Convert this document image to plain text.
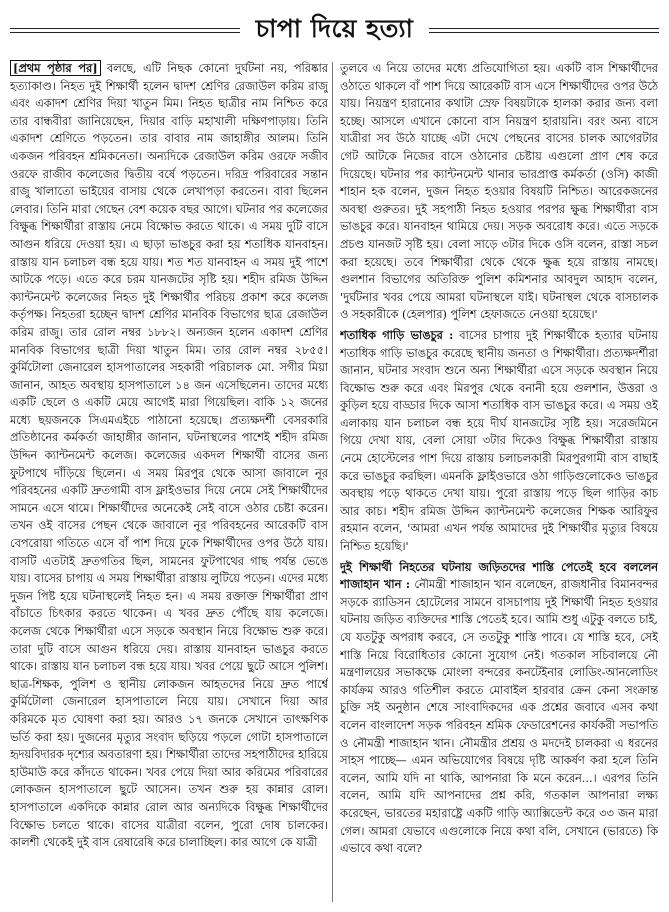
চাপা দিয়ে হত্যা

[প্রথম পৃষ্ঠার পর] বলছে, এটি নিছক কোনো দুর্ঘটনা নয়, পরিষ্কার হত্যাকাণ্ড। নিহত দুই শিক্ষার্থী হলেন দ্বাদশ শ্রেণির রেজাউল করিম রাজু এবং একাদশ শ্রেণির দিয়া খাতুন মিম। নিহত ছাত্রীর নাম নিশ্চিত করে তার বান্ধবীরা জানিয়েছেন, দিয়ার বাড়ি মহাখালী দক্ষিণপাড়ায়। তিনি একাদশ শ্রেণিতে পড়তেন। তার বাবার নাম জাহাঙ্গীর আলম। তিনি একজন পরিবহন শ্রমিকনেতা। অন্যদিকে রেজাউল করিম ওরফে সজীব ওরফে রাজীব কলেজের দ্বিতীয় বর্ষে পড়তেন। দরিদ্র পরিবারের সন্তান রাজু খালাতো ভাইয়ের বাসায় থেকে লেখাপড়া করতেন। বাবা ছিলেন লেবার। তিনি মারা গেছেন বেশ কয়েক বছর আগে। ঘটনার পর কলেজের বিক্ষুব্ধ শিক্ষার্থীরা রাস্তায় নেমে বিক্ষোভ করতে থাকে। এ সময় দুটি বাসে আগুন ধরিয়ে দেওয়া হয়। এ ছাড়া ভাঙচুর করা হয় শতাধিক যানবাহন। রাস্তায় যান চলাচল বন্ধ হয়ে যায়। শত শত যানবাহন এ সময় দুই পাশে আটকে পড়ে। এতে করে চরম যানজটের সৃষ্টি হয়। শহীদ রমিজ উদ্দিন ক্যান্টনমেন্ট কলেজের নিহত দুই শিক্ষার্থীর পরিচয় প্রকাশ করে কলেজ কর্তৃপক্ষ। নিহতরা হচ্ছেন দ্বাদশ শ্রেণির মানবিক বিভাগের ছাত্র রেজাউল করিম রাজু। তার রোল নম্বর ১৮৮২। অন্যজন হলেন একাদশ শ্রেণির মানবিক বিভাগের ছাত্রী দিয়া খাতুন মিম। তার রোল নম্বর ২৮৫৫। কুর্মিটোলা জেনারেল হাসপাতালের সহকারী পরিচালক মো. সগীর মিয়া জানান, আহত অবস্থায় হাসপাতালে ১৪ জন এসেছিলেন। তাদের মধ্যে একটি ছেলে ও একটি মেয়ে আগেই মারা গিয়েছিল। বাকি ১২ জনের মধ্যে ছয়জনকে সিএমএইচে পাঠানো হয়েছে। প্রত্যক্ষদর্শী বেসরকারি প্রতিষ্ঠানের কর্মকর্তা জাহাঙ্গীর জানান, ঘটনাস্থলের পাশেই শহীদ রমিজ উদ্দিন ক্যান্টনমেন্ট কলেজ। কলেজের একদল শিক্ষার্থী বাসের জন্য ফুটপাথে দাঁড়িয়ে ছিলেন। এ সময় মিরপুর থেকে আসা জাবালে নূর পরিবহনের একটি দ্রুতগামী বাস ফ্লাইওভার দিয়ে নেমে সেই শিক্ষার্থীদের সামনে এসে থামে। শিক্ষার্থীদের অনেকেই সেই বাসে ওঠার চেষ্টা করেন। তখন ওই বাসের পেছন থেকে জাবালে নূর পরিবহনের আরেকটি বাস বেপরোয়া গতিতে এসে বাঁ পাশ দিয়ে ঢুকে শিক্ষার্থীদের ওপর উঠে যায়। বাসটি এতটাই দ্রুতগতির ছিল, সামনের ফুটপাথের গাছ পর্যন্ত ভেঙে যায়। বাসের চাপায় এ সময় শিক্ষার্থীরা রাস্তায় লুটিয়ে পড়েন। এদের মধ্যে দুজন পিষ্ট হয়ে ঘটনাস্থলেই নিহত হন। এ সময় রক্তাক্ত শিক্ষার্থীরা প্রাণ বাঁচাতে চিৎকার করতে থাকেন। এ খবর দ্রুত পৌঁছে যায় কলেজে। কলেজ থেকে শিক্ষার্থীরা এসে সড়কে অবস্থান নিয়ে বিক্ষোভ শুরু করে। তারা দুটি বাসে আগুন ধরিয়ে দেয়। রাস্তায় যানবাহন ভাঙচুর করতে থাকে। রাস্তায় যান চলাচল বন্ধ হয়ে যায়। খবর পেয়ে ছুটে আসে পুলিশ। ছাত্র-শিক্ষক, পুলিশ ও স্থানীয় লোকজন আহতদের নিয়ে দ্রুত পার্শ্বে কুর্মিটোলা জেনারেল হাসপাতালে নিয়ে যায়। সেখানে দিয়া আর করিমকে মৃত ঘোষণা করা হয়। আরও ১৭ জনকে সেখানে তাৎক্ষণিক ভর্তি করা হয়। দুজনের মৃত্যুর সংবাদ ছড়িয়ে পড়লে গোটা হাসপাতালে হৃদয়বিদারক দৃশ্যের অবতারণা হয়। শিক্ষার্থীরা তাদের সহপাঠীদের হারিয়ে হাউমাউ করে কাঁদতে থাকেন। খবর পেয়ে দিয়া আর করিমের পরিবারের লোকজন হাসপাতালে ছুটে আসেন। তখন শুরু হয় কান্নার রোল। হাসপাতালে একদিকে কান্নার রোল আর অন্যদিকে বিক্ষুব্ধ শিক্ষার্থীদের বিক্ষোভ চলতে থাকে। বাসের যাত্রীরা বলেন, পুরো দোষ চালকের। কালশী থেকেই দুই বাস রেষারেষি করে চালাচ্ছিল। কার আগে কে যাত্রী

তুলবে এ নিয়ে তাদের মধ্যে প্রতিযোগিতা হয়। একটি বাস শিক্ষার্থীদের ওঠাতে থাকলে বাঁ পাশ দিয়ে আরেকটি বাস এসে শিক্ষার্থীদের ওপর উঠে যায়। নিয়ন্ত্রণ হারানোর কথাটা স্রেফ বিষয়টাকে হালকা করার জন্য বলা হচ্ছে। আসলে এখানে কোনো বাস নিয়ন্ত্রণ হারায়নি। বরং অন্য বাসে যাত্রীরা সব উঠে যাচ্ছে এটা দেখে পেছনের বাসের চালক আগেরটার গেট আটকে নিজের বাসে ওঠানোর চেষ্টায় এগুলো প্রাণ শেষ করে দিয়েছে। ঘটনার পর ক্যান্টনমেন্ট থানার ভারপ্রাপ্ত কর্মকর্তা (ওসি) কাজী শাহান হক বলেন, দুজন নিহত হওয়ার বিষয়টি নিশ্চিত। আরেকজনের অবস্থা গুরুতর। দুই সহপাঠী নিহত হওয়ার পরপর ক্ষুব্ধ শিক্ষার্থীরা বাস ভাঙচুর করে। যানবাহন থামিয়ে দেয়। সড়ক অবরোধ করে। এতে সড়কে প্রচণ্ড যানজট সৃষ্টি হয়। বেলা সাড়ে ৩টার দিকে ওসি বলেন, রাস্তা সচল করা হয়েছে। তবে শিক্ষার্থীরা থেকে থেকে ক্ষুব্ধ হয়ে রাস্তায় নামছে। গুলশান বিভাগের অতিরিক্ত পুলিশ কমিশনার আবদুল আহাদ বলেন, 'দুর্ঘটনার খবর পেয়ে আমরা ঘটনাস্থলে যাই। ঘটনাস্থল থেকে বাসচালক ও সহকারীকে (হেলপার) পুলিশ হেফাজতে নেওয়া হয়েছে।'

শতাধিক গাড়ি ভাঙচুর : বাসের চাপায় দুই শিক্ষার্থীকে হত্যার ঘটনায় শতাধিক গাড়ি ভাঙচুর করেছে স্থানীয় জনতা ও শিক্ষার্থীরা। প্রত্যক্ষদর্শীরা জানান, ঘটনার সংবাদ শুনে অন্য শিক্ষার্থীরা এসে সড়কে অবস্থান নিয়ে বিক্ষোভ শুরু করে এবং মিরপুর থেকে বনানী হয়ে গুলশান, উত্তরা ও কুড়িল হয়ে বাড্ডার দিকে আসা শতাধিক বাস ভাঙচুর করে। এ সময় ওই এলাকায় যান চলাচল বন্ধ হয়ে দীর্ঘ যানজটের সৃষ্টি হয়। সরেজমিনে গিয়ে দেখা যায়, বেলা সোয়া ৩টার দিকেও বিক্ষুব্ধ শিক্ষার্থীরা রাস্তায় নেমে হোস্টেলের পাশ দিয়ে রাস্তায় চলাচলকারী মিরপুরগামী বাস বাছাই করে ভাঙচুর করছিল। এমনকি ফ্লাইওভারে ওঠা গাড়িগুলোকেও ভাঙচুর অবস্থায় পড়ে থাকতে দেখা যায়। পুরো রাস্তায় পড়ে ছিল গাড়ির কাচ আর কাচ। শহীদ রমিজ উদ্দিন ক্যান্টনমেন্ট কলেজের শিক্ষক আরিফুর রহমান বলেন, 'আমরা এখন পর্যন্ত আমাদের দুই শিক্ষার্থীর মৃত্যুর বিষয়ে নিশ্চিত হয়েছি।'

দুই শিক্ষার্থী নিহতের ঘটনায় জড়িতদের শাস্তি পেতেই হবে বললেন শাজাহান খান : নৌমন্ত্রী শাজাহান খান বলেছেন, রাজধানীর বিমানবন্দর সড়কে র‌্যাডিসন হোটেলের সামনে বাসচাপায় দুই শিক্ষার্থী নিহত হওয়ার ঘটনায় জড়িত ব্যক্তিদের শাস্তি পেতেই হবে। আমি শুধু এটুকু বলতে চাই, যে যতটুকু অপরাধ করবে, সে ততটুকু শাস্তি পাবে। যে শাস্তি হবে, সেই শাস্তি নিয়ে বিরোধিতার কোনো সুযোগ নেই। গতকাল সচিবালয়ে নৌ মন্ত্রণালয়ের সভাকক্ষে মোংলা বন্দরের কনটেইনার লোডিং-আনলোডিং কার্যক্রম আরও গতিশীল করতে মোবাইল হারবার ক্রেন কেনা সংক্রান্ত চুক্তি সই অনুষ্ঠান শেষে সাংবাদিকদের এক প্রশ্নের জবাবে এসব কথা বলেন বাংলাদেশ সড়ক পরিবহন শ্রমিক ফেডারেশনের কার্যকরী সভাপতি ও নৌমন্ত্রী শাজাহান খান। নৌমন্ত্রীর প্রশ্রয় ও মদদেই চালকরা এ ধরনের সাহস পাচ্ছে— এমন অভিযোগের বিষয়ে দৃষ্টি আকর্ষণ করা হলে তিনি বলেন, আমি যদি না থাকি, আপনারা কি মনে করেন...। এরপর তিনি বলেন, আমি যদি আপনাদের প্রশ্ন করি, গতকাল আপনারা লক্ষ্য করেছেন, ভারতের মহারাষ্ট্রে একটি গাড়ি অ্যাক্সিডেন্ট করে ৩৩ জন মারা গেল। আমরা যেভাবে এগুলোকে নিয়ে কথা বলি, সেখানে (ভারতে) কি এভাবে কথা বলে?
